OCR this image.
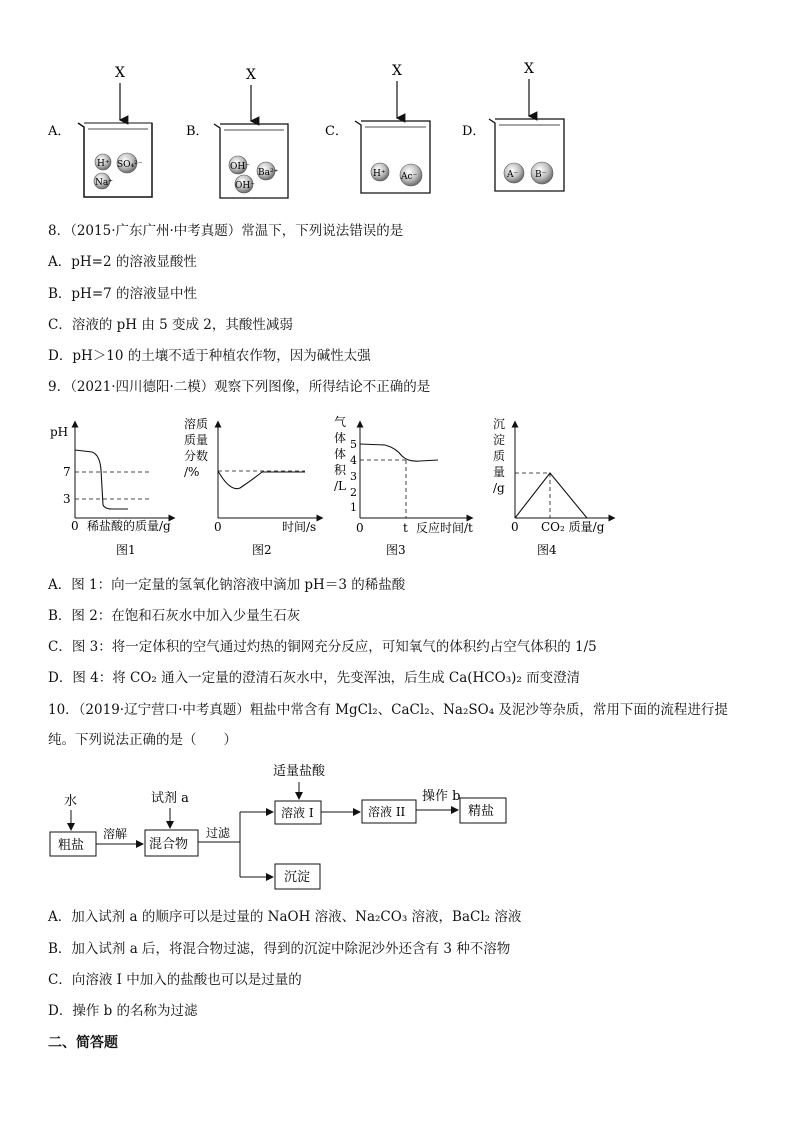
A．
X
H⁺ SO₄²⁻
Na⁺
B．
X
OH⁻
Ba²⁺
OH⁻
C．
X
H⁺ Ac⁻
D．
X
A⁻ B⁻
8．（2015·广东广州·中考真题）常温下，下列说法错误的是
A．pH=2 的溶液显酸性
B．pH=7 的溶液显中性
C．溶液的 pH 由 5 变成 2，其酸性减弱
D．pH＞10 的土壤不适于种植农作物，因为碱性太强
9．（2021·四川德阳·二模）观察下列图像，所得结论不正确的是
pH
7
3
0 稀盐酸的质量/g
图1
溶质
质量
分数
/%
0	时间/s
图2
气
体
体
积
/L
5
4
3
2
1
0	t 反应时间/t
图3
沉
淀
质
量
/g
0 CO₂ 质量/g
图4
A．图 1：向一定量的氢氧化钠溶液中滴加 pH＝3 的稀盐酸
B．图 2：在饱和石灰水中加入少量生石灰
C．图 3：将一定体积的空气通过灼热的铜网充分反应，可知氧气的体积约占空气体积的 1/5
D．图 4：将 CO₂ 通入一定量的澄清石灰水中，先变浑浊，后生成 Ca(HCO₃)₂ 而变澄清
10．（2019·辽宁营口·中考真题）粗盐中常含有 MgCl₂、CaCl₂、Na₂SO₄ 及泥沙等杂质，常用下面的流程进行提
纯。下列说法正确的是（　　）
水
粗盐
溶解
试剂 a
混合物
过滤
适量盐酸
溶液 I	溶液 II
操作 b
精盐
沉淀
A．加入试剂 a 的顺序可以是过量的 NaOH 溶液、Na₂CO₃ 溶液，BaCl₂ 溶液
B．加入试剂 a 后，将混合物过滤，得到的沉淀中除泥沙外还含有 3 种不溶物
C．向溶液 I 中加入的盐酸也可以是过量的
D．操作 b 的名称为过滤
二、简答题
